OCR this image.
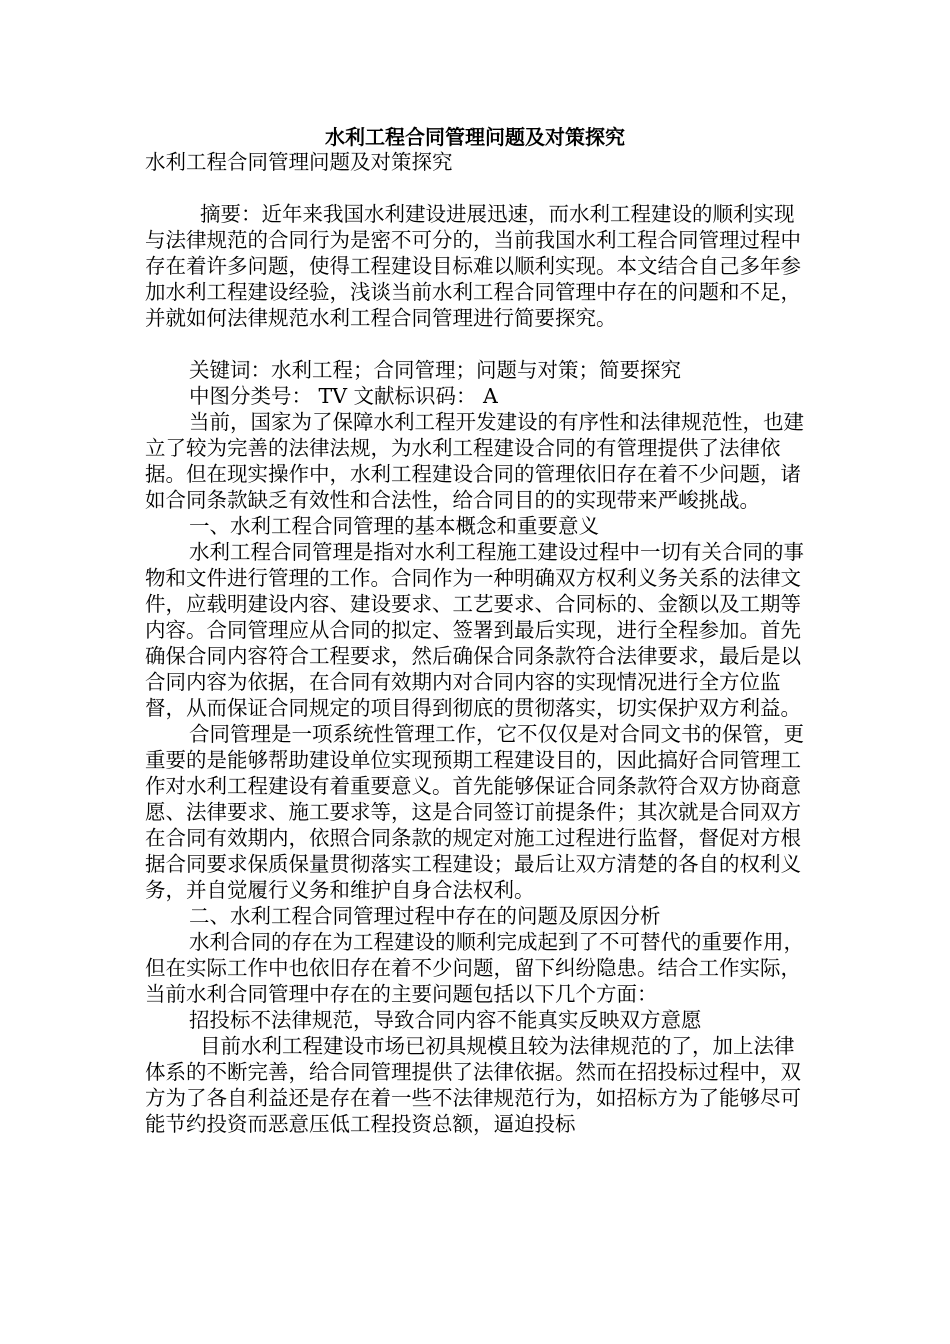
水利工程合同管理问题及对策探究

水利工程合同管理问题及对策探究

摘要：近年来我国水利建设进展迅速，而水利工程建设的顺利实现与法律规范的合同行为是密不可分的，当前我国水利工程合同管理过程中存在着许多问题，使得工程建设目标难以顺利实现。本文结合自己多年参加水利工程建设经验，浅谈当前水利工程合同管理中存在的问题和不足，并就如何法律规范水利工程合同管理进行简要探究。

关键词：水利工程；合同管理；问题与对策；简要探究

中图分类号： TV 文献标识码： A

当前，国家为了保障水利工程开发建设的有序性和法律规范性，也建立了较为完善的法律法规，为水利工程建设合同的有管理提供了法律依据。但在现实操作中，水利工程建设合同的管理依旧存在着不少问题，诸如合同条款缺乏有效性和合法性，给合同目的的实现带来严峻挑战。

一、水利工程合同管理的基本概念和重要意义

水利工程合同管理是指对水利工程施工建设过程中一切有关合同的事物和文件进行管理的工作。合同作为一种明确双方权利义务关系的法律文件，应载明建设内容、建设要求、工艺要求、合同标的、金额以及工期等内容。合同管理应从合同的拟定、签署到最后实现，进行全程参加。首先确保合同内容符合工程要求，然后确保合同条款符合法律要求，最后是以合同内容为依据，在合同有效期内对合同内容的实现情况进行全方位监督，从而保证合同规定的项目得到彻底的贯彻落实，切实保护双方利益。

合同管理是一项系统性管理工作，它不仅仅是对合同文书的保管，更重要的是能够帮助建设单位实现预期工程建设目的，因此搞好合同管理工作对水利工程建设有着重要意义。首先能够保证合同条款符合双方协商意愿、法律要求、施工要求等，这是合同签订前提条件；其次就是合同双方在合同有效期内，依照合同条款的规定对施工过程进行监督，督促对方根据合同要求保质保量贯彻落实工程建设；最后让双方清楚的各自的权利义务，并自觉履行义务和维护自身合法权利。

二、水利工程合同管理过程中存在的问题及原因分析

水利合同的存在为工程建设的顺利完成起到了不可替代的重要作用，但在实际工作中也依旧存在着不少问题，留下纠纷隐患。结合工作实际，当前水利合同管理中存在的主要问题包括以下几个方面：

招投标不法律规范，导致合同内容不能真实反映双方意愿

目前水利工程建设市场已初具规模且较为法律规范的了，加上法律体系的不断完善，给合同管理提供了法律依据。然而在招投标过程中，双方为了各自利益还是存在着一些不法律规范行为，如招标方为了能够尽可能节约投资而恶意压低工程投资总额，逼迫投标
